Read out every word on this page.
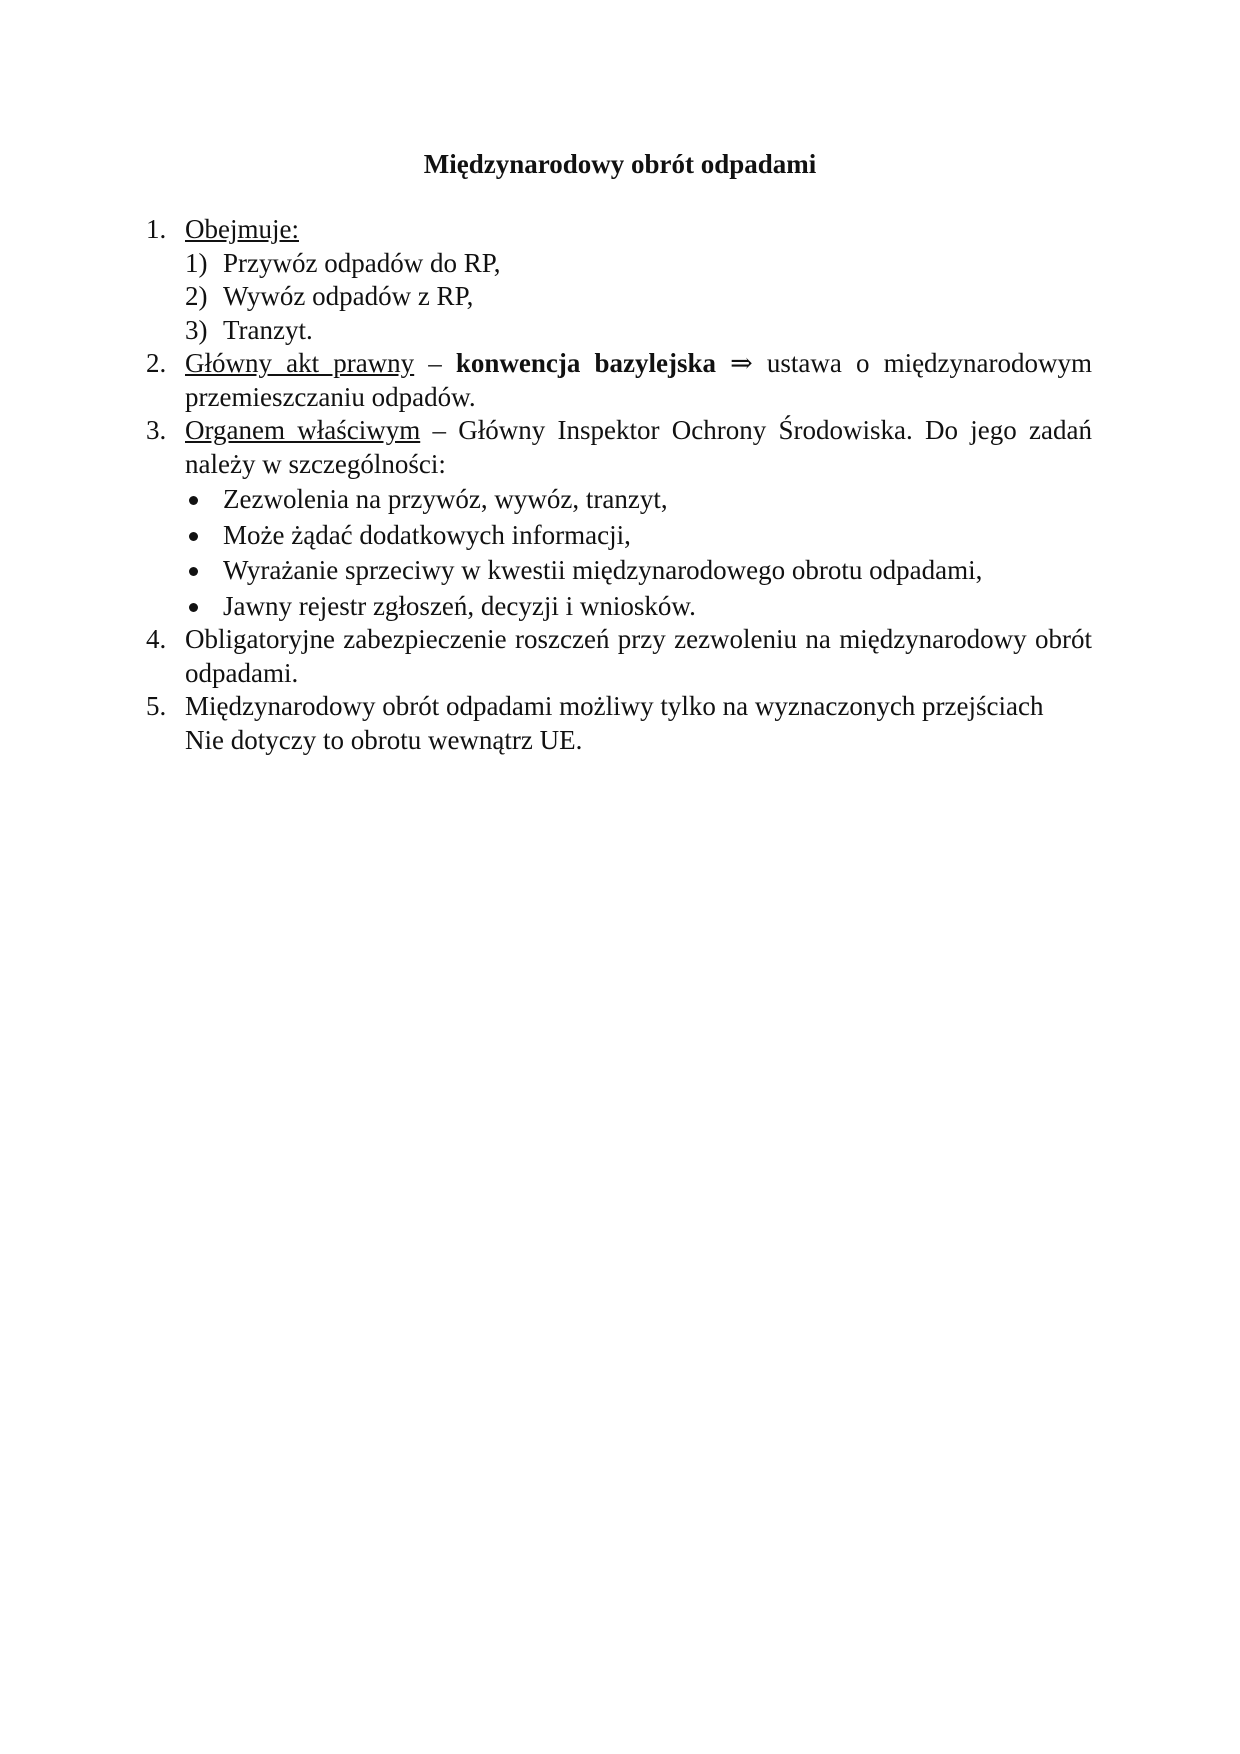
Międzynarodowy obrót odpadami
1. Obejmuje:
1) Przywóz odpadów do RP,
2) Wywóz odpadów z RP,
3) Tranzyt.
2. Główny akt prawny – konwencja bazylejska ⇒ ustawa o międzynarodowym przemieszczaniu odpadów.
3. Organem właściwym – Główny Inspektor Ochrony Środowiska. Do jego zadań należy w szczególności:
Zezwolenia na przywóz, wywóz, tranzyt,
Może żądać dodatkowych informacji,
Wyrażanie sprzeciwy w kwestii międzynarodowego obrotu odpadami,
Jawny rejestr zgłoszeń, decyzji i wniosków.
4. Obligatoryjne zabezpieczenie roszczeń przy zezwoleniu na międzynarodowy obrót odpadami.
5. Międzynarodowy obrót odpadami możliwy tylko na wyznaczonych przejściach
Nie dotyczy to obrotu wewnątrz UE.
